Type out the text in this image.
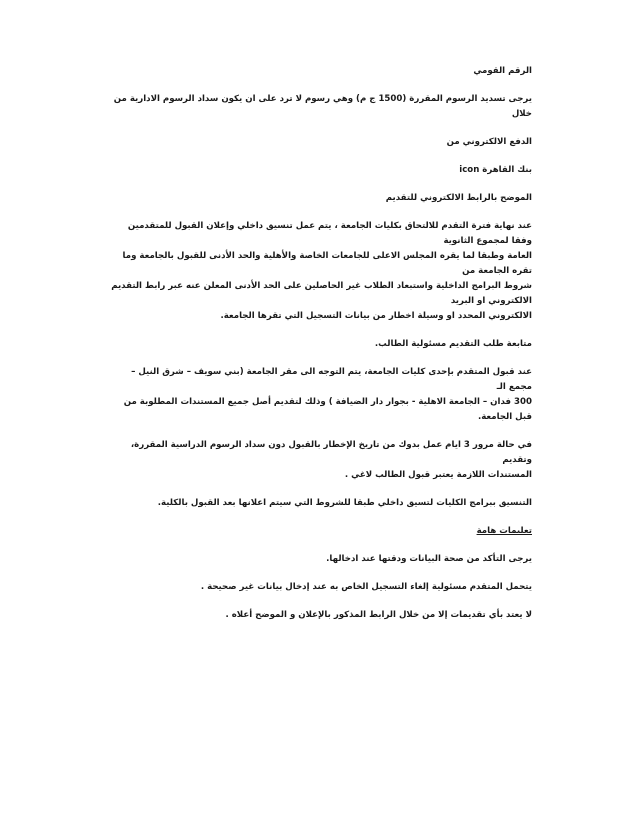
الرقم القومي

يرجى تسديد الرسوم المقررة (1500 ج م) وهي رسوم لا ترد على ان يكون سداد الرسوم الادارية من خلال

الدفع الالكتروني من

بنك القاهرة icon

الموضح بالرابط الالكتروني للتقديم

عند نهاية فترة التقدم للالتحاق بكليات الجامعة ، يتم عمل تنسيق داخلي وإعلان القبول للمتقدمين وفقا لمجموع الثانوية

العامة وطبقا لما يقره المجلس الاعلى للجامعات الخاصة والأهلية والحد الأدنى للقبول بالجامعة وما تقره الجامعة من

شروط البرامج الداخلية واستبعاد الطلاب غير الحاصلين على الحد الأدنى المعلن عنه عبر رابط التقديم الالكتروني او البريد

الالكتروني المحدد او وسيلة اخطار من بيانات التسجيل التي تقرها الجامعة.

متابعة طلب التقديم مسئولية الطالب.

عند قبول المتقدم بإحدى كليات الجامعة، يتم التوجه الى مقر الجامعة (بني سويف – شرق النيل – مجمع الـ

300 فدان – الجامعة الاهلية - بجوار دار الضيافة ) وذلك لتقديم أصل جميع المستندات المطلوبة من قبل الجامعة.

في حالة مرور 3 ايام عمل بدوك من تاريخ الإخطار بالقبول دون سداد الرسوم الدراسية المقررة، وتقديم

المستندات اللازمة يعتبر قبول الطالب لاغي .

التنسيق ببرامج الكليات لتسيق داخلي طبقا للشروط التي سيتم اعلانها بعد القبول بالكلية.

تعليمات هامة

يرجى التأكد من صحة البيانات ودقتها عند ادخالها.

يتحمل المتقدم مسئولية إلغاء التسجيل الخاص به عند إدخال بيانات غير صحيحة .

لا يعتد بأي تقديمات إلا من خلال الرابط المذكور بالإعلان و الموضح أعلاه .
